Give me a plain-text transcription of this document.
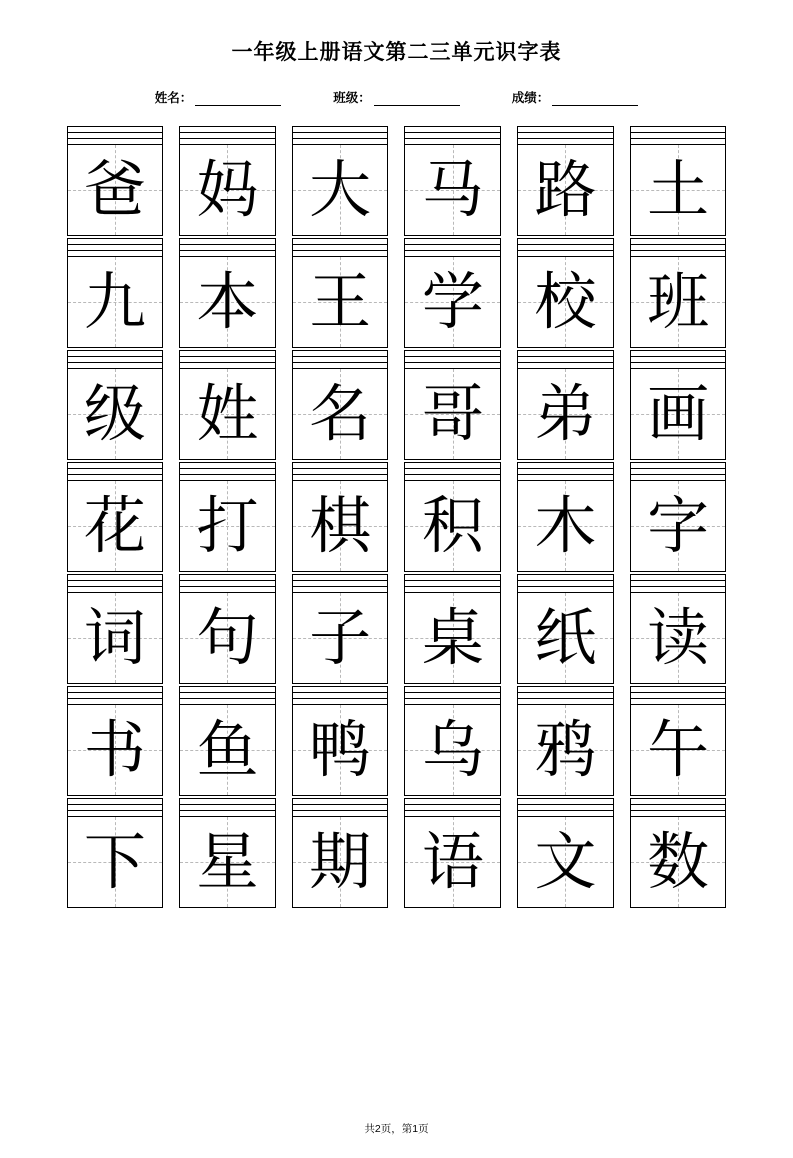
一年级上册语文第二三单元识字表
姓名：	班级：	成绩：
爸
九
级
花
词
书
下
妈
本
姓
打
句
鱼
星
大
王
名
棋
子
鸭
期
马
学
哥
积
桌
乌
语
路
校
弟
木
纸
鸦
文
土
班
画
字
读
午
数
共2页，第1页
